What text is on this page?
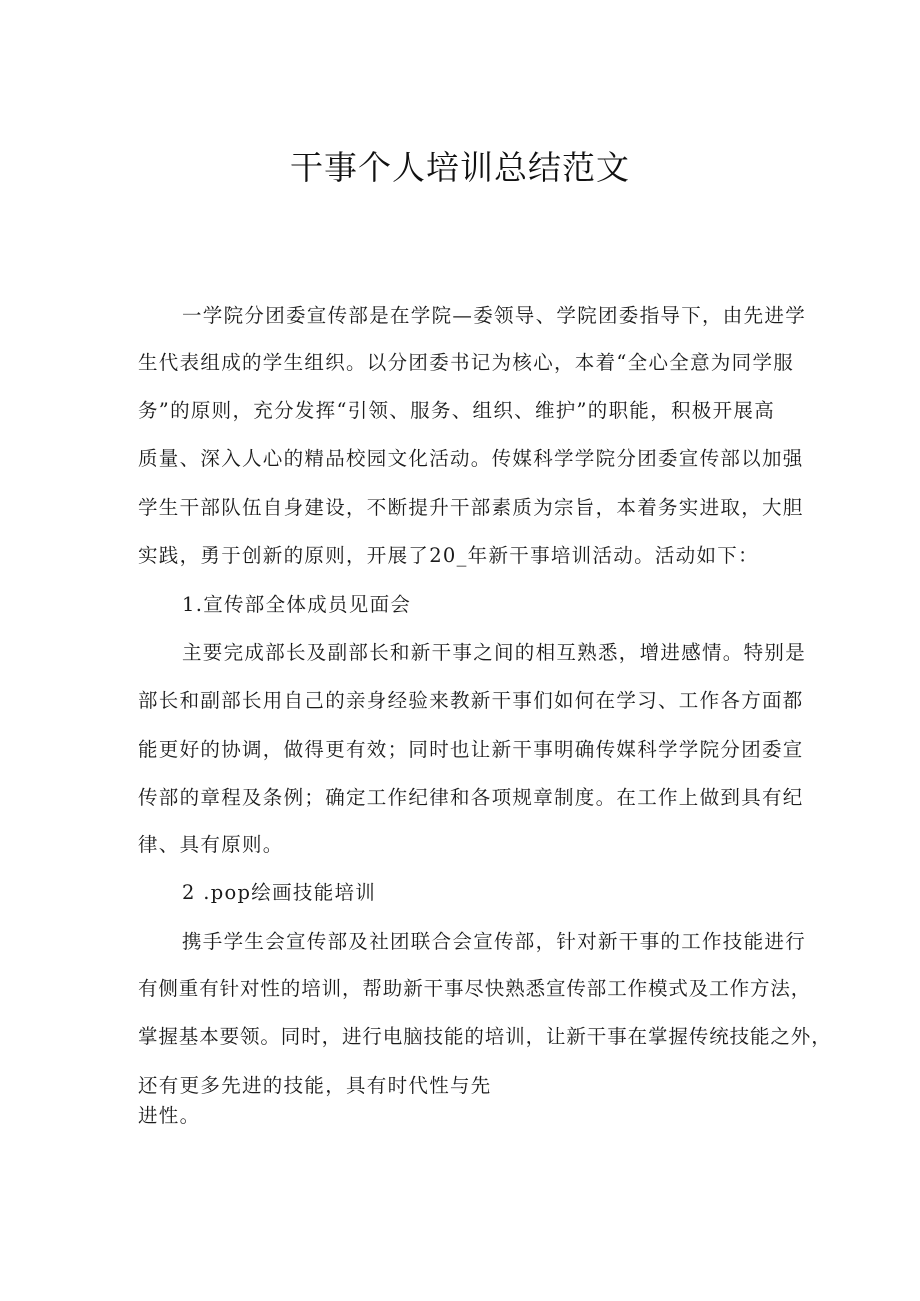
干事个人培训总结范文
一学院分团委宣传部是在学院—委领导、学院团委指导下，由先进学
生代表组成的学生组织。以分团委书记为核心，本着“全心全意为同学服
务”的原则，充分发挥“引领、服务、组织、维护”的职能，积极开展高
质量、深入人心的精品校园文化活动。传媒科学学院分团委宣传部以加强
学生干部队伍自身建设，不断提升干部素质为宗旨，本着务实进取，大胆
实践，勇于创新的原则，开展了20_年新干事培训活动。活动如下：
1.宣传部全体成员见面会
主要完成部长及副部长和新干事之间的相互熟悉，增进感情。特别是
部长和副部长用自己的亲身经验来教新干事们如何在学习、工作各方面都
能更好的协调，做得更有效；同时也让新干事明确传媒科学学院分团委宣
传部的章程及条例；确定工作纪律和各项规章制度。在工作上做到具有纪
律、具有原则。
2 .pop绘画技能培训
携手学生会宣传部及社团联合会宣传部，针对新干事的工作技能进行
有侧重有针对性的培训，帮助新干事尽快熟悉宣传部工作模式及工作方法，
掌握基本要领。同时，进行电脑技能的培训，让新干事在掌握传统技能之外，
还有更多先进的技能，具有时代性与先
进性。
